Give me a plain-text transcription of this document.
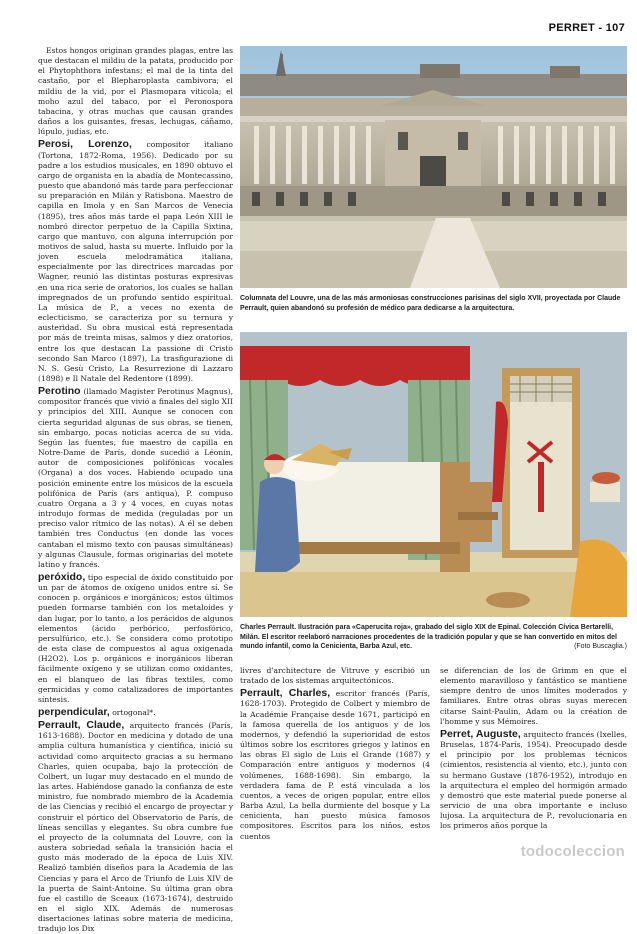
PERRET - 107

Estos hongos originan grandes plagas, entre las que destacan el mildiu de la patata, producido por el Phytophthora infestans; el mal de la tinta del castaño, por el Blepharoplasta cambivora; el mildiu de la vid, por el Plasmopara viticola; el moho azul del tabaco, por el Peronospora tabacina, y otras muchas que causan grandes daños a los guisantes, fresas, lechugas, cáñamo, lúpulo, judías, etc.

Perosi, Lorenzo, compositor italiano (Tortona, 1872-Roma, 1956). Dedicado por su padre a los estudios musicales, en 1890 obtuvo el cargo de organista en la abadía de Montecassino, puesto que abandonó más tarde para perfeccionar su preparación en Milán y Ratisbona. Maestro de capilla en Imola y en San Marcos de Venecia (1895), tres años más tarde el papa León XIII le nombró director perpetuo de la Capilla Sixtina, cargo que mantuvo, con alguna interrupción por motivos de salud, hasta su muerte. Influido por la joven escuela melodramática italiana, especialmente por las directrices marcadas por Wagner, reunió las distintas posturas expresivas en una rica serie de oratorios, los cuales se hallan impregnados de un profundo sentido espiritual. La música de P., a veces no exenta de eclecticismo, se caracteriza por su ternura y austeridad. Su obra musical está representada por más de treinta misas, salmos y diez oratorios, entre los que destacan La passione di Cristo secondo San Marco (1897), La trasfigurazione di N. S. Gesù Cristo, La Resurrezione di Lazzaro (1898) e Il Natale del Redentore (1899).

Perotino (llamado Magister Perotinus Magnus), compositor francés que vivió a finales del siglo XII y principios del XIII. Aunque se conocen con cierta seguridad algunas de sus obras, se tienen, sin embargo, pocas noticias acerca de su vida. Según las fuentes, fue maestro de capilla en Notre-Dame de París, donde sucedió a Léonin, autor de composiciones polifónicas vocales (Organa) a dos voces. Habiendo ocupado una posición eminente entre los músicos de la escuela polifónica de París (ars antiqua), P. compuso cuatro Organa a 3 y 4 voces, en cuyas notas introdujo formas de medida (reguladas por un preciso valor rítmico de las notas). A él se deben también tres Conductus (en donde las voces cantaban el mismo texto con pausas simultáneas) y algunas Clausule, formas originarias del motete latino y francés.

peróxido, tipo especial de óxido constituido por un par de átomos de oxígeno unidos entre sí. Se conocen p. orgánicos e inorgánicos; estos últimos pueden formarse también con los metaloides y dan lugar, por lo tanto, a los perácidos de algunos elementos (ácido perbórico, perfosfórico, persulfúrico, etc.). Se considera como prototipo de esta clase de compuestos al agua oxigenada (H2O2). Los p. orgánicos e inorgánicos liberan fácilmente oxígeno y se utilizan como oxidantes, en el blanqueo de las fibras textiles, como germicidas y como catalizadores de importantes síntesis.

perpendicular, ortogonal*.

Perrault, Claude, arquitecto francés (París, 1613-1688). Doctor en medicina y dotado de una amplia cultura humanística y científica, inició su actividad como arquitecto gracias a su hermano Charles, quien ocupaba, bajo la protección de Colbert, un lugar muy destacado en el mundo de las artes. Habiéndose ganado la confianza de este ministro, fue nombrado miembro de la Academia de las Ciencias y recibió el encargo de proyectar y construir el pórtico del Observatorio de París, de líneas sencillas y elegantes. Su obra cumbre fue el proyecto de la columnata del Louvre, con la austera sobriedad señala la transición hacia el gusto más moderado de la época de Luis XIV. Realizó también diseños para la Academia de las Ciencias y para el Arco de Triunfo de Luis XIV de la puerta de Saint-Antoine. Su última gran obra fue el castillo de Sceaux (1673-1674), destruido en el siglo XIX. Además de numerosas disertaciones latinas sobre materia de medicina, tradujo los Dix

Columnata del Louvre, una de las más armoniosas construcciones parisinas del siglo XVII, proyectada por Claude Perrault, quien abandonó su profesión de médico para dedicarse a la arquitectura.
Charles Perrault. Ilustración para «Caperucita roja», grabado del siglo XIX de Epinal. Colección Cívica Bertarelli, Milán. El escritor reelaboró narraciones procedentes de la tradición popular y que se han convertido en mitos del mundo infantil, como la Cenicienta, Barba Azul, etc.	(Foto Buscaglia.)

livres d'architecture de Vitruve y escribió un tratado de los sistemas arquitectónicos.

Perrault, Charles, escritor francés (París, 1628-1703). Protegido de Colbert y miembro de la Académie Française desde 1671, participó en la famosa querella de los antiguos y de los modernos, y defendió la superioridad de estos últimos sobre los escritores griegos y latinos en las obras El siglo de Luis el Grande (1687) y Comparación entre antiguos y modernos (4 volúmenes, 1688-1698). Sin embargo, la verdadera fama de P. está vinculada a los cuentos, a veces de origen popular, entre ellos Barba Azul, La bella durmiente del bosque y La cenicienta, han puesto música famosos compositores. Escritos para los niños, estos cuentos

se diferencian de los de Grimm en que el elemento maravilloso y fantástico se mantiene siempre dentro de unos límites moderados y familiares. Entre otras obras suyas merecen citarse Saint-Paulin, Adam ou la création de l'homme y sus Mémoires.

Perret, Auguste, arquitecto francés (Ixelles, Bruselas, 1874-París, 1954). Preocupado desde el principio por los problemas técnicos (cimientos, resistencia al viento, etc.), junto con su hermano Gustave (1876-1952), introdujo en la arquitectura el empleo del hormigón armado y demostró que este material puede ponerse al servicio de una obra importante e incluso lujosa. La arquitectura de P., revolucionaria en los primeros años porque la

todocoleccion
